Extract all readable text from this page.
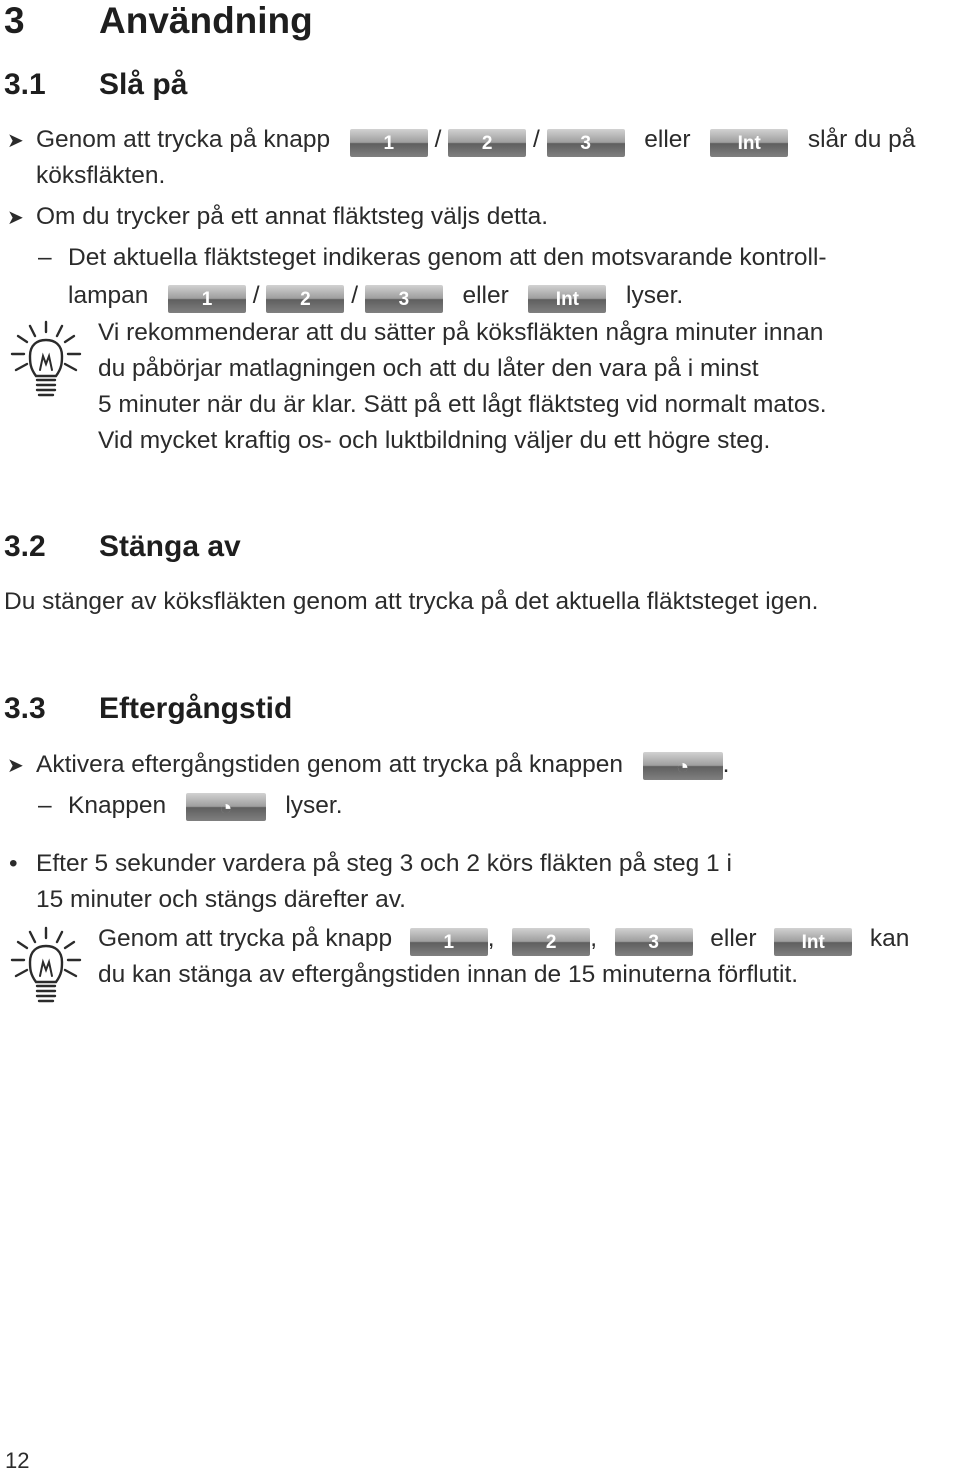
3 Användning
3.1 Slå på
➤ Genom att trycka på knapp	1 / 2 / 3 eller Int slår du på
köksfläkten.
➤ Om du trycker på ett annat fläktsteg väljs detta.
– Det aktuella fläktsteget indikeras genom att den motsvarande kontroll-
lampan	1 / 2 / 3 eller Int lyser.
Vi rekommenderar att du sätter på köksfläkten några minuter innan
du påbörjar matlagningen och att du låter den vara på i minst
5 minuter när du är klar. Sätt på ett lågt fläktsteg vid normalt matos.
Vid mycket kraftig os- och luktbildning väljer du ett högre steg.
3.2 Stänga av
Du stänger av köksfläkten genom att trycka på det aktuella fläktsteget igen.
3.3 Eftergångstid
➤ Aktivera eftergångstiden genom att trycka på knappen ◔ .
– Knappen ◔ lyser.
• Efter 5 sekunder vardera på steg 3 och 2 körs fläkten på steg 1 i
15 minuter och stängs därefter av.
Genom att trycka på knapp	1 ,	2 ,	3 eller Int kan
du kan stänga av eftergångstiden innan de 15 minuterna förflutit.
12
